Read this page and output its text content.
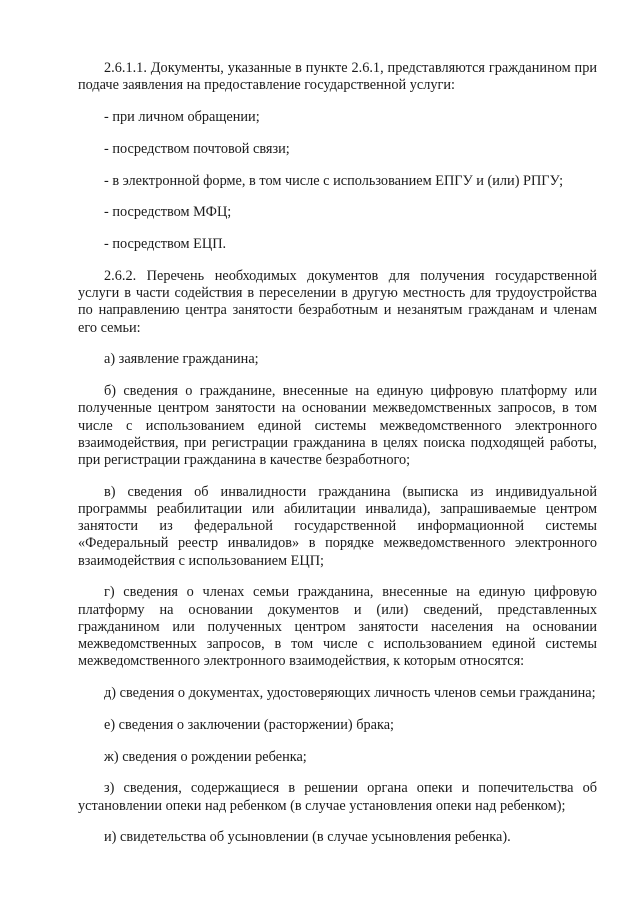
2.6.1.1. Документы, указанные в пункте 2.6.1, представляются гражданином при подаче заявления на предоставление государственной услуги:

- при личном обращении;

- посредством почтовой связи;

- в электронной форме, в том числе с использованием ЕПГУ и (или) РПГУ;

- посредством МФЦ;

- посредством ЕЦП.

2.6.2. Перечень необходимых документов для получения государственной услуги в части содействия в переселении в другую местность для трудоустройства по направлению центра занятости безработным и незанятым гражданам и членам его семьи:

а) заявление гражданина;

б) сведения о гражданине, внесенные на единую цифровую платформу или полученные центром занятости на основании межведомственных запросов, в том числе с использованием единой системы межведомственного электронного взаимодействия, при регистрации гражданина в целях поиска подходящей работы, при регистрации гражданина в качестве безработного;

в) сведения об инвалидности гражданина (выписка из индивидуальной программы реабилитации или абилитации инвалида), запрашиваемые центром занятости из федеральной государственной информационной системы «Федеральный реестр инвалидов» в порядке межведомственного электронного взаимодействия с использованием ЕЦП;

г) сведения о членах семьи гражданина, внесенные на единую цифровую платформу на основании документов и (или) сведений, представленных гражданином или полученных центром занятости населения на основании межведомственных запросов, в том числе с использованием единой системы межведомственного электронного взаимодействия, к которым относятся:

д) сведения о документах, удостоверяющих личность членов семьи гражданина;

е) сведения о заключении (расторжении) брака;

ж) сведения о рождении ребенка;

з) сведения, содержащиеся в решении органа опеки и попечительства об установлении опеки над ребенком (в случае установления опеки над ребенком);

и) свидетельства об усыновлении (в случае усыновления ребенка).
